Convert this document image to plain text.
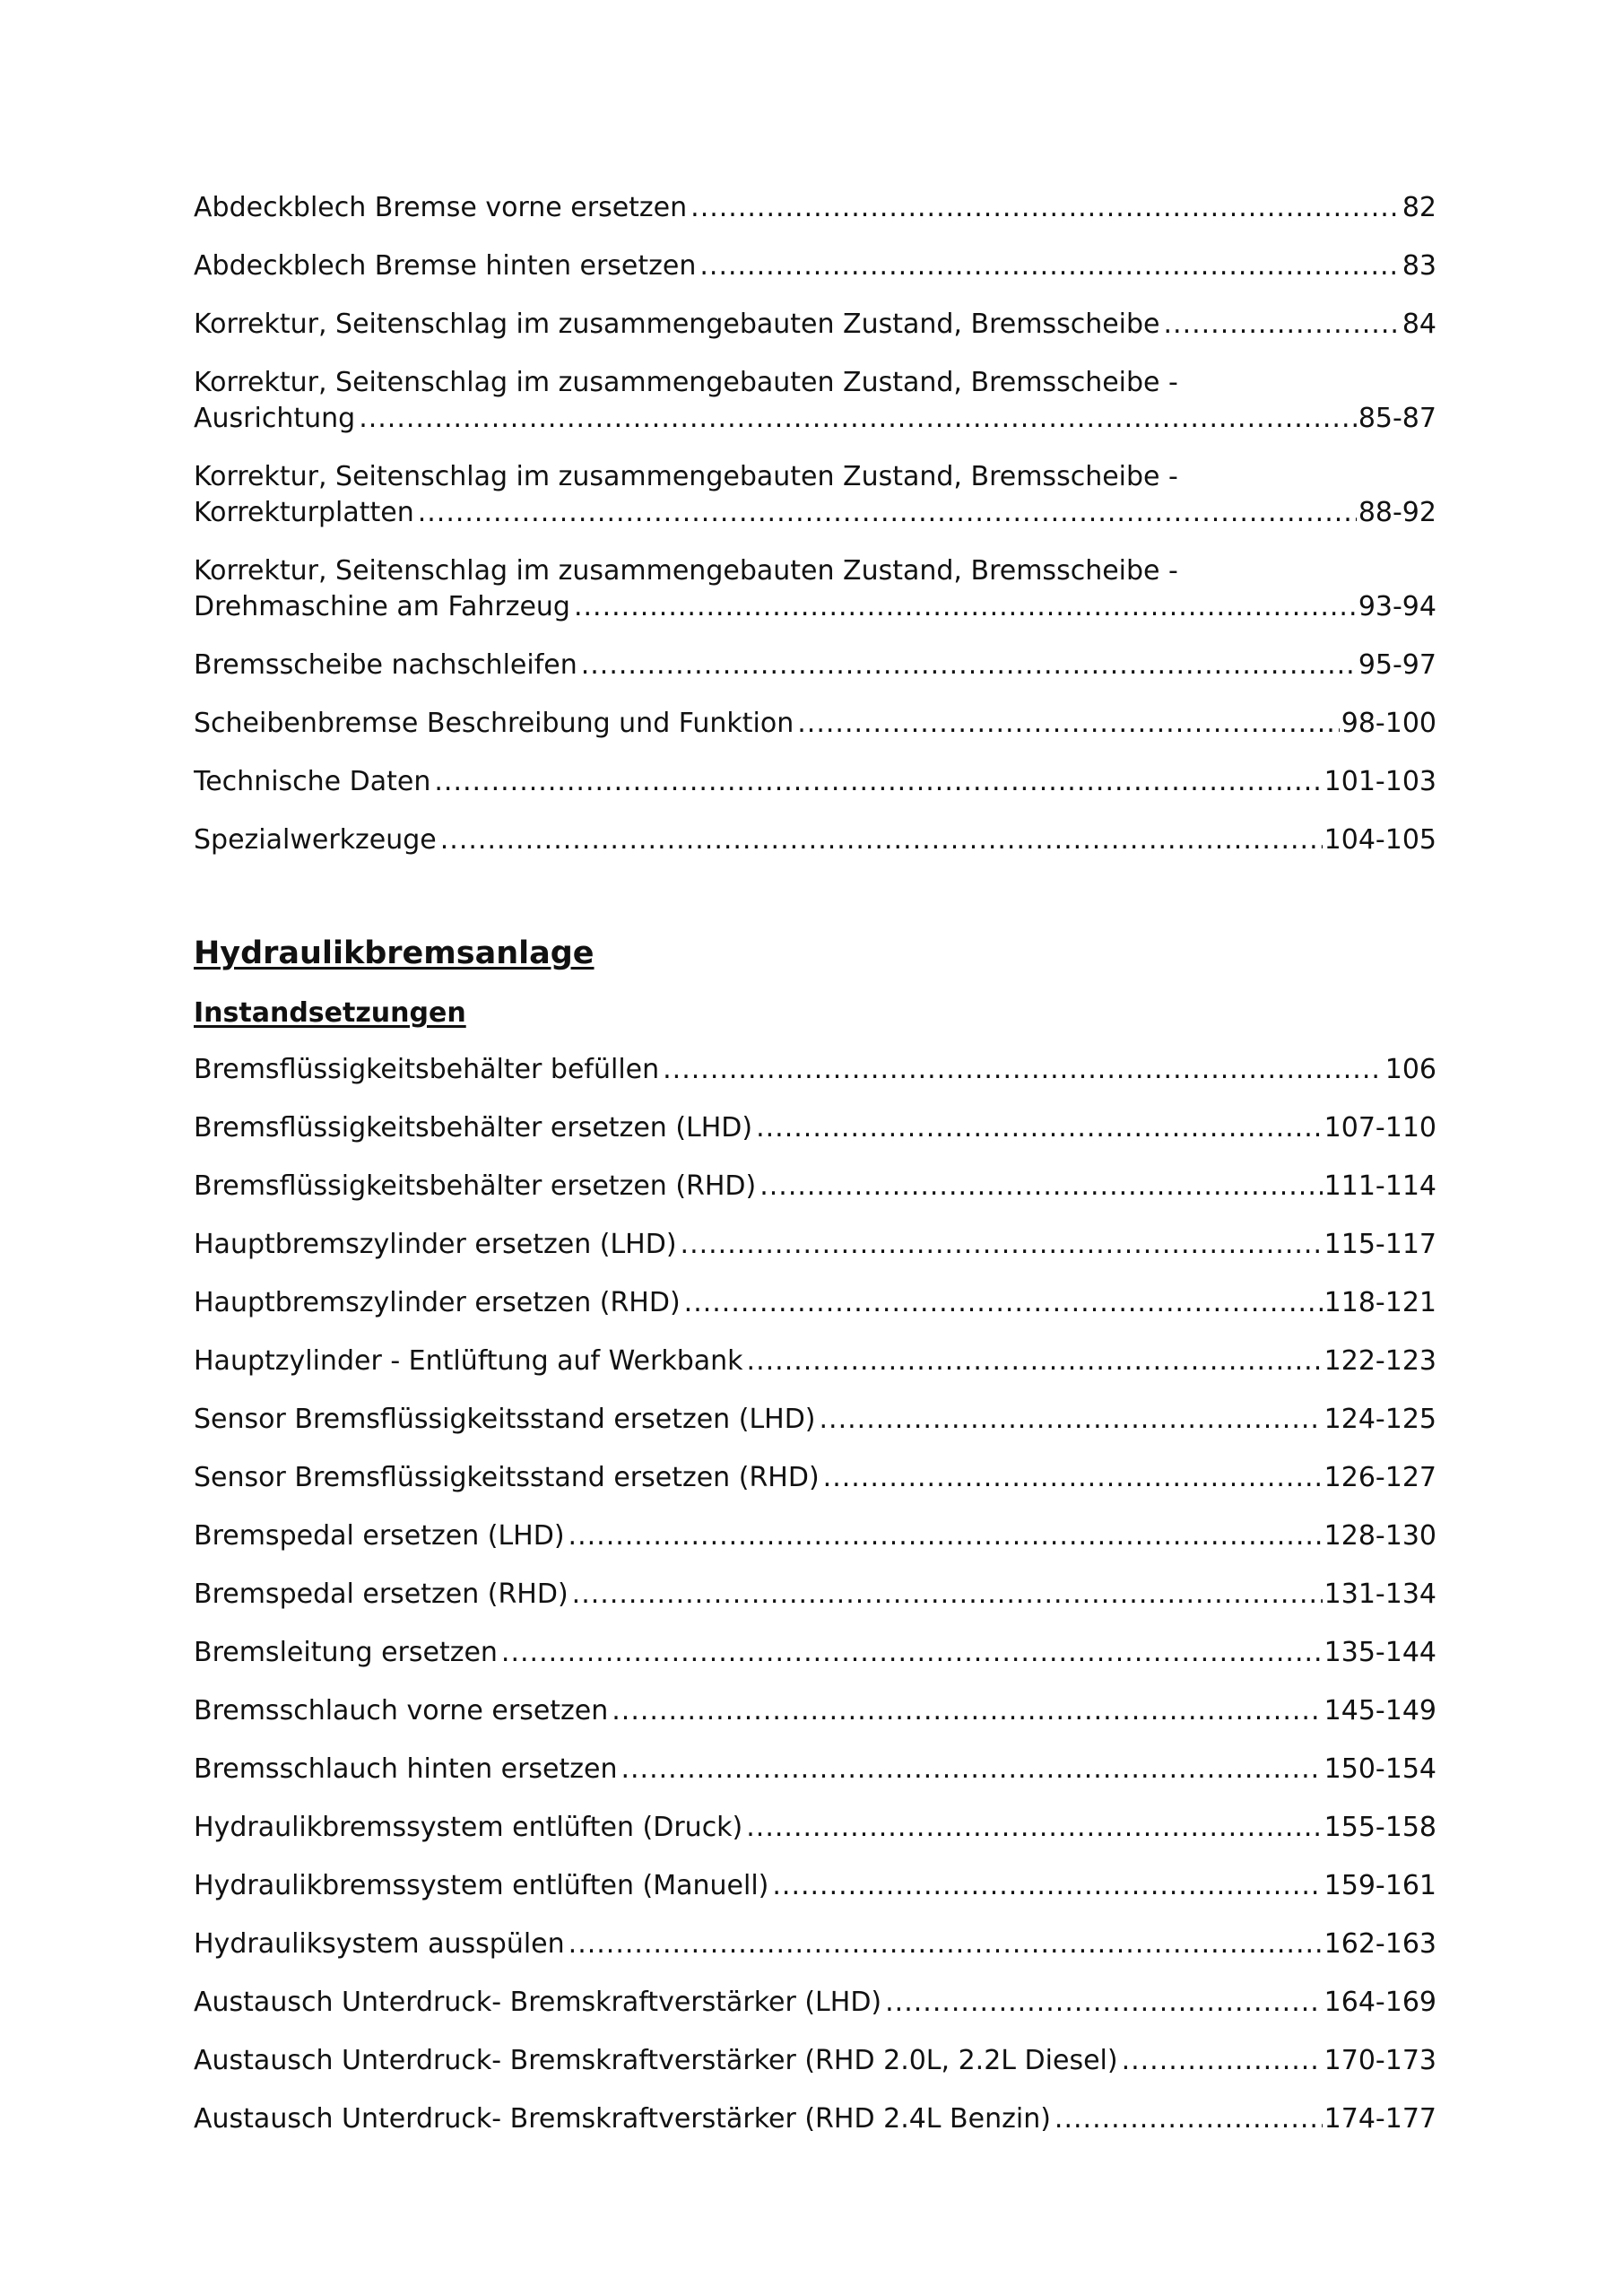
Abdeckblech Bremse vorne ersetzen .....	82
Abdeckblech Bremse hinten ersetzen .....	83
Korrektur, Seitenschlag im zusammengebauten Zustand, Bremsscheibe .....	84
Korrektur, Seitenschlag im zusammengebauten Zustand, Bremsscheibe -
Ausrichtung .....	85-87
Korrektur, Seitenschlag im zusammengebauten Zustand, Bremsscheibe -
Korrekturplatten .....	88-92
Korrektur, Seitenschlag im zusammengebauten Zustand, Bremsscheibe -
Drehmaschine am Fahrzeug .....	93-94
Bremsscheibe nachschleifen .....	95-97
Scheibenbremse Beschreibung und Funktion .....	98-100
Technische Daten .....	101-103
Spezialwerkzeuge .....	104-105
Hydraulikbremsanlage
Instandsetzungen
Bremsflüssigkeitsbehälter befüllen .....	106
Bremsflüssigkeitsbehälter ersetzen (LHD) .....	107-110
Bremsflüssigkeitsbehälter ersetzen (RHD) .....	111-114
Hauptbremszylinder ersetzen (LHD) .....	115-117
Hauptbremszylinder ersetzen (RHD) .....	118-121
Hauptzylinder - Entlüftung auf Werkbank .....	122-123
Sensor Bremsflüssigkeitsstand ersetzen (LHD) .....	124-125
Sensor Bremsflüssigkeitsstand ersetzen (RHD) .....	126-127
Bremspedal ersetzen (LHD) .....	128-130
Bremspedal ersetzen (RHD) .....	131-134
Bremsleitung ersetzen .....	135-144
Bremsschlauch vorne ersetzen .....	145-149
Bremsschlauch hinten ersetzen .....	150-154
Hydraulikbremssystem entlüften (Druck) .....	155-158
Hydraulikbremssystem entlüften (Manuell) .....	159-161
Hydrauliksystem ausspülen .....	162-163
Austausch Unterdruck- Bremskraftverstärker (LHD) .....	164-169
Austausch Unterdruck- Bremskraftverstärker (RHD 2.0L, 2.2L Diesel) .....	170-173
Austausch Unterdruck- Bremskraftverstärker (RHD 2.4L Benzin) .....	174-177
